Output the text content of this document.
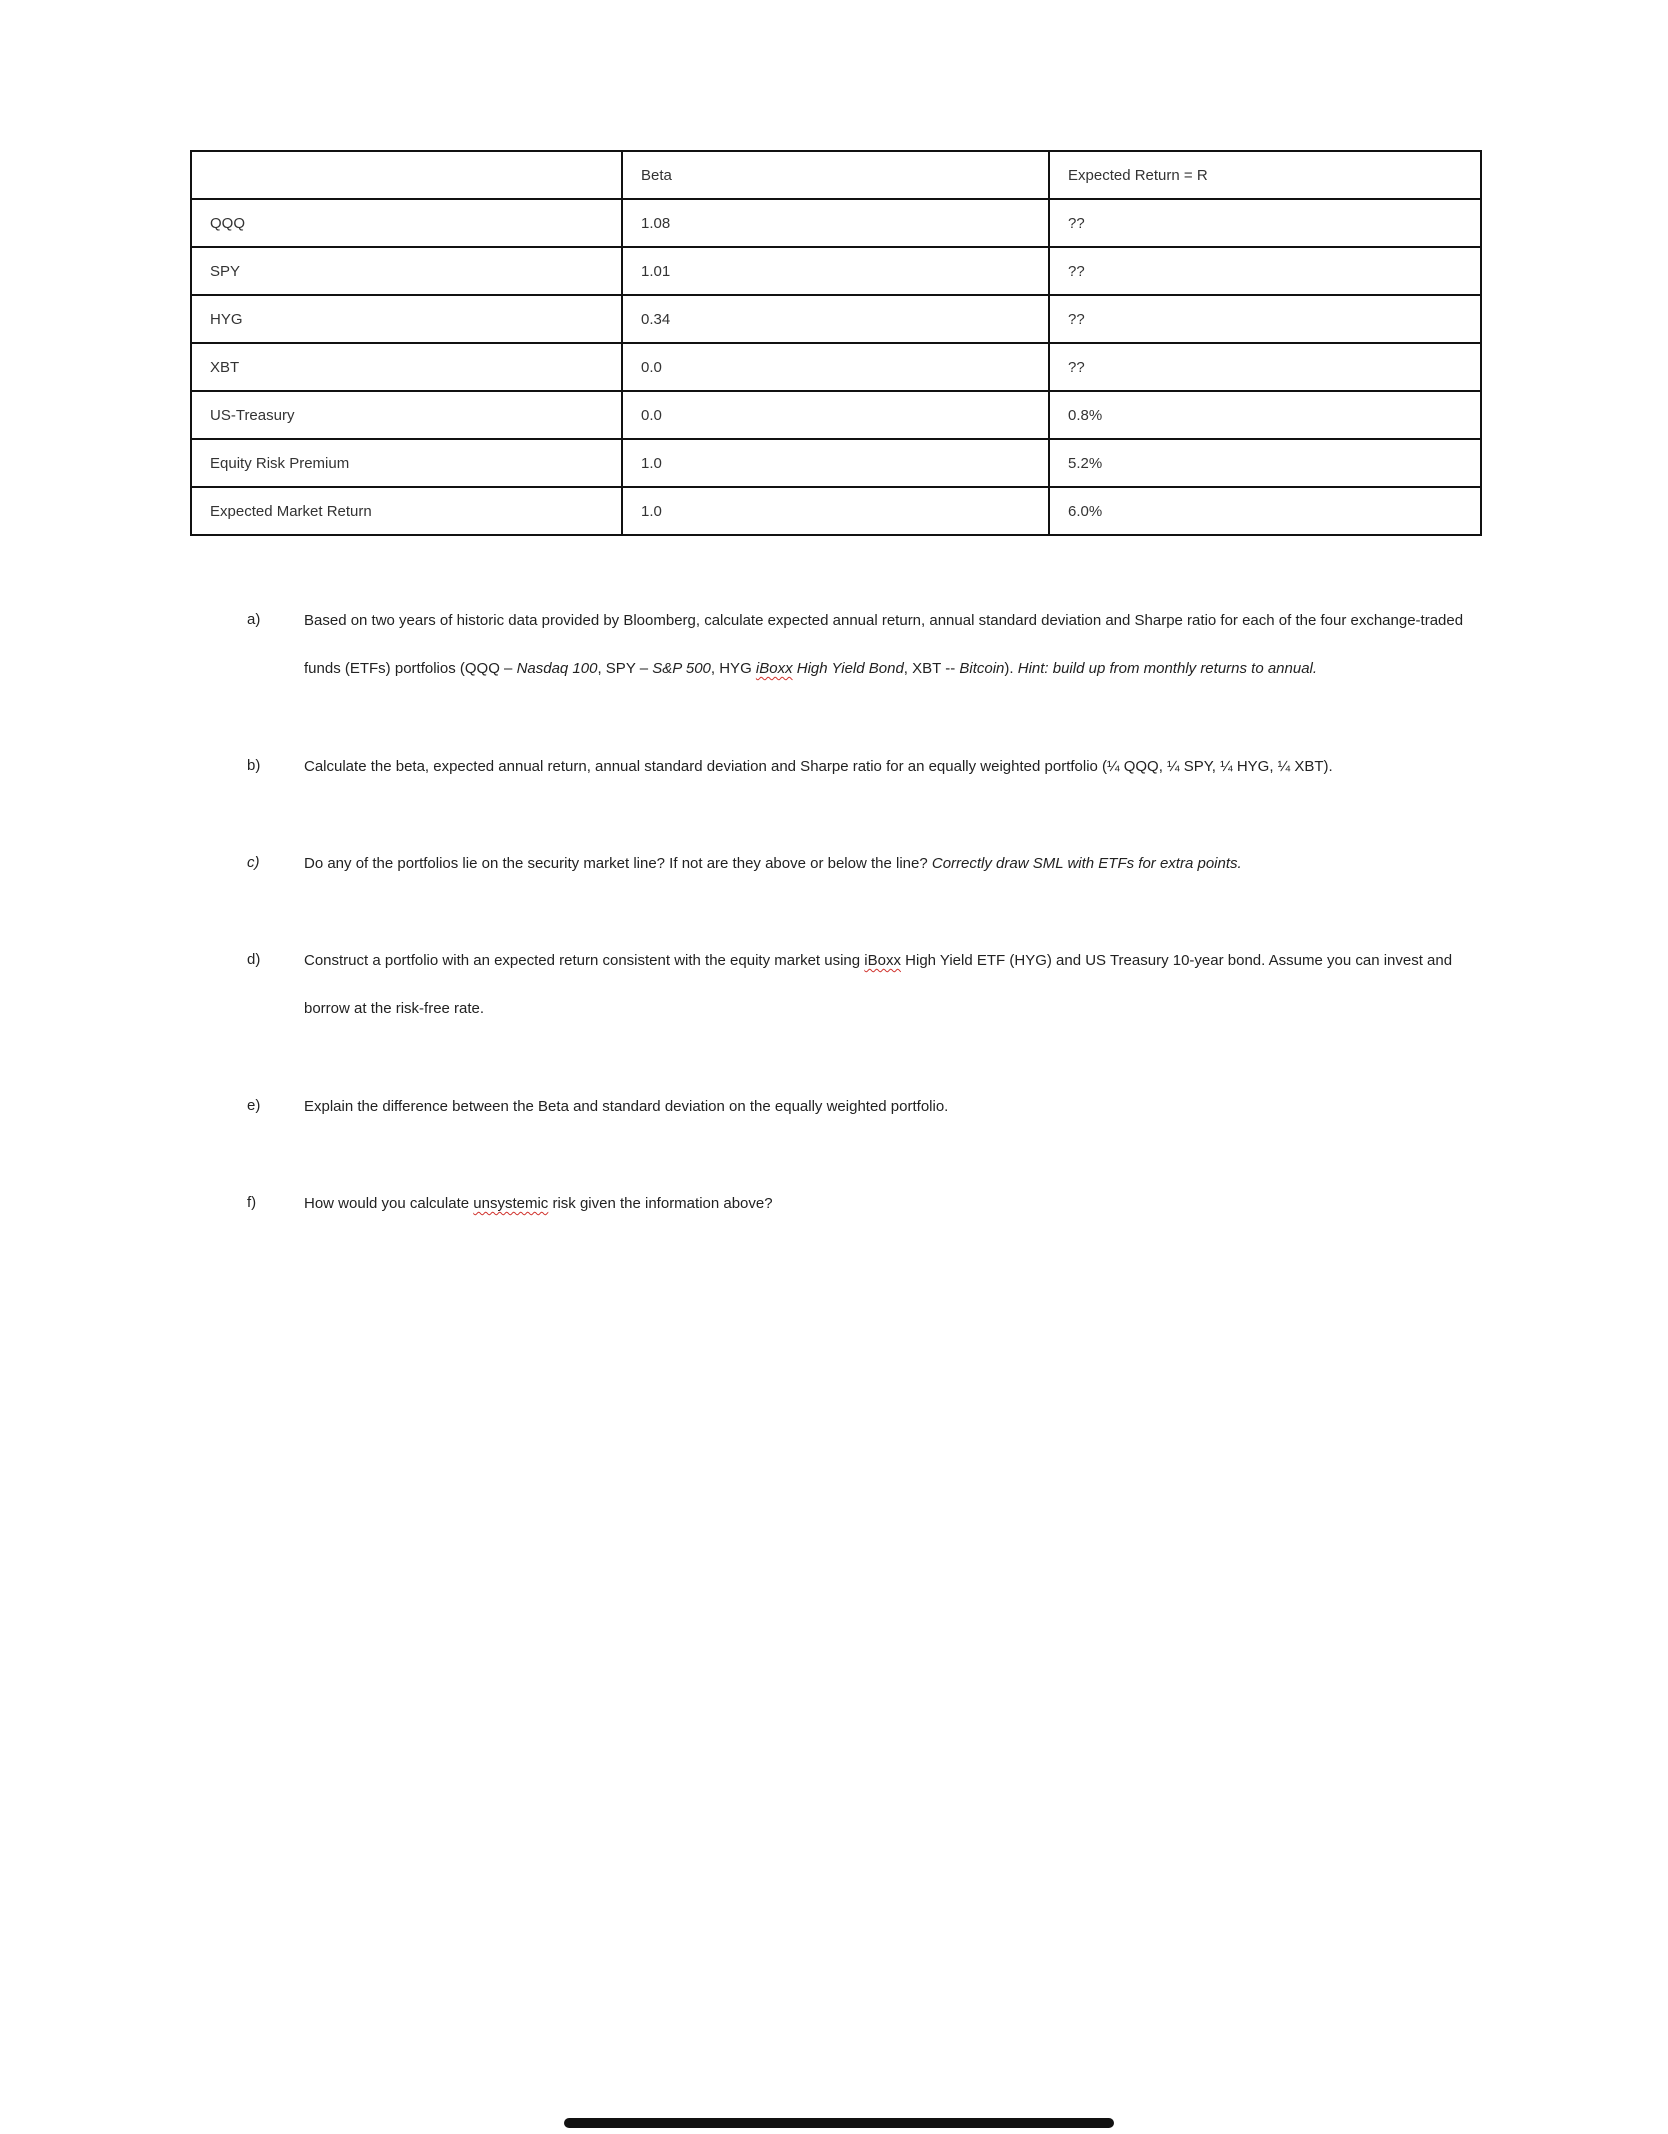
	Beta	Expected Return = R
QQQ	1.08	??
SPY	1.01	??
HYG	0.34	??
XBT	0.0	??
US-Treasury	0.0	0.8%
Equity Risk Premium	1.0	5.2%
Expected Market Return	1.0	6.0%
a)	Based on two years of historic data provided by Bloomberg, calculate expected annual return, annual standard deviation and Sharpe ratio for each of the four exchange-traded
funds (ETFs) portfolios (QQQ – Nasdaq 100, SPY – S&P 500, HYG iBoxx High Yield Bond, XBT -- Bitcoin). Hint: build up from monthly returns to annual.
b)	Calculate the beta, expected annual return, annual standard deviation and Sharpe ratio for an equally weighted portfolio (¼ QQQ, ¼ SPY, ¼ HYG, ¼ XBT).
c)	Do any of the portfolios lie on the security market line? If not are they above or below the line? Correctly draw SML with ETFs for extra points.
d)	Construct a portfolio with an expected return consistent with the equity market using iBoxx High Yield ETF (HYG) and US Treasury 10-year bond. Assume you can invest and
borrow at the risk-free rate.
e)	Explain the difference between the Beta and standard deviation on the equally weighted portfolio.
f)	How would you calculate unsystemic risk given the information above?
